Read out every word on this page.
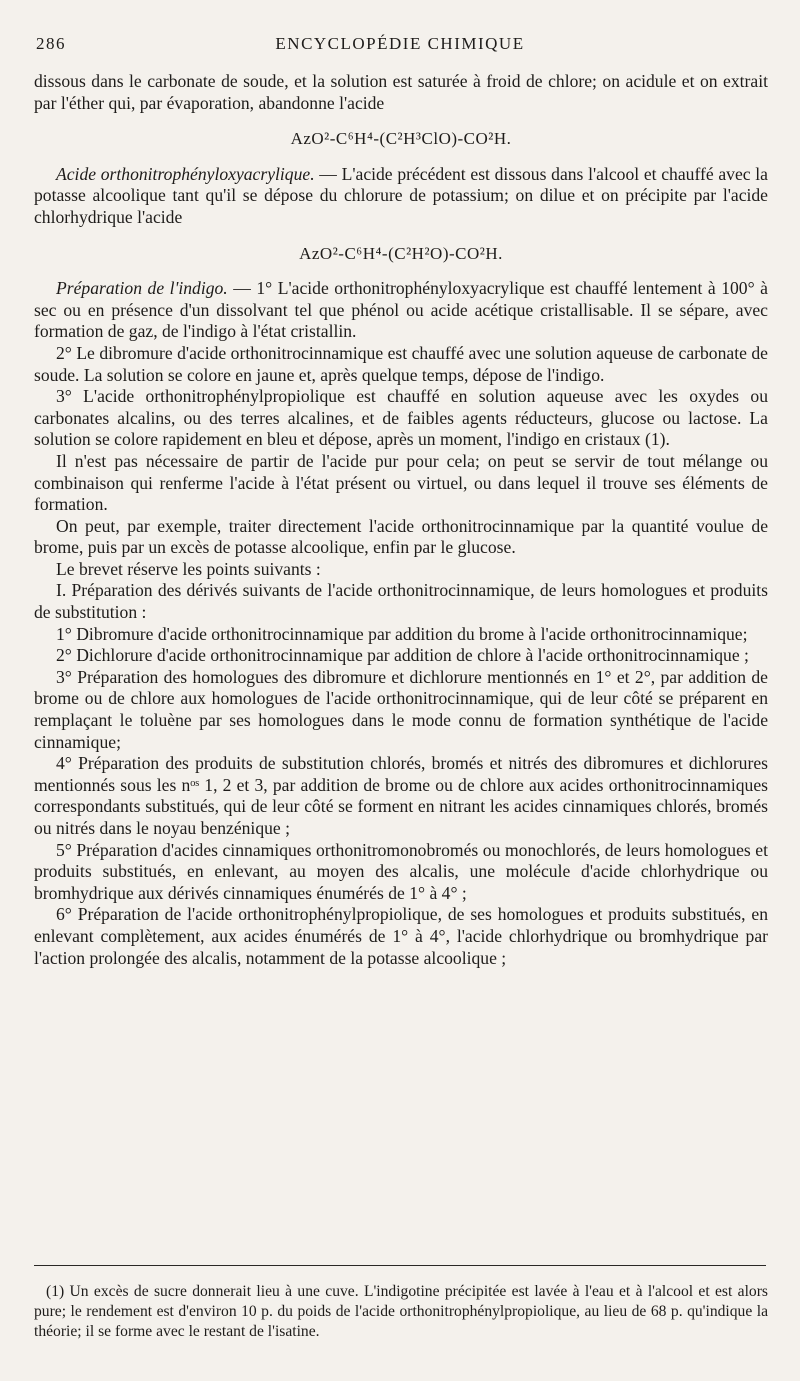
286	ENCYCLOPÉDIE CHIMIQUE

dissous dans le carbonate de soude, et la solution est saturée à froid de chlore; on acidule et on extrait par l'éther qui, par évaporation, abandonne l'acide

AzO²-C⁶H⁴-(C²H³ClO)-CO²H.

Acide orthonitrophényloxyacrylique. — L'acide précédent est dissous dans l'alcool et chauffé avec la potasse alcoolique tant qu'il se dépose du chlorure de potassium; on dilue et on précipite par l'acide chlorhydrique l'acide

AzO²-C⁶H⁴-(C²H²O)-CO²H.

Préparation de l'indigo. — 1° L'acide orthonitrophényloxyacrylique est chauffé lentement à 100° à sec ou en présence d'un dissolvant tel que phénol ou acide acétique cristallisable. Il se sépare, avec formation de gaz, de l'indigo à l'état cristallin.

2° Le dibromure d'acide orthonitrocinnamique est chauffé avec une solution aqueuse de carbonate de soude. La solution se colore en jaune et, après quelque temps, dépose de l'indigo.

3° L'acide orthonitrophénylpropiolique est chauffé en solution aqueuse avec les oxydes ou carbonates alcalins, ou des terres alcalines, et de faibles agents réducteurs, glucose ou lactose. La solution se colore rapidement en bleu et dépose, après un moment, l'indigo en cristaux (1).

Il n'est pas nécessaire de partir de l'acide pur pour cela; on peut se servir de tout mélange ou combinaison qui renferme l'acide à l'état présent ou virtuel, ou dans lequel il trouve ses éléments de formation.

On peut, par exemple, traiter directement l'acide orthonitrocinnamique par la quantité voulue de brome, puis par un excès de potasse alcoolique, enfin par le glucose.

Le brevet réserve les points suivants :

I. Préparation des dérivés suivants de l'acide orthonitrocinnamique, de leurs homologues et produits de substitution :

1° Dibromure d'acide orthonitrocinnamique par addition du brome à l'acide orthonitrocinnamique;

2° Dichlorure d'acide orthonitrocinnamique par addition de chlore à l'acide orthonitrocinnamique ;

3° Préparation des homologues des dibromure et dichlorure mentionnés en 1° et 2°, par addition de brome ou de chlore aux homologues de l'acide orthonitrocinnamique, qui de leur côté se préparent en remplaçant le toluène par ses homologues dans le mode connu de formation synthétique de l'acide cinnamique;

4° Préparation des produits de substitution chlorés, bromés et nitrés des dibromures et dichlorures mentionnés sous les nᵒˢ 1, 2 et 3, par addition de brome ou de chlore aux acides orthonitrocinnamiques correspondants substitués, qui de leur côté se forment en nitrant les acides cinnamiques chlorés, bromés ou nitrés dans le noyau benzénique ;

5° Préparation d'acides cinnamiques orthonitromonobromés ou monochlorés, de leurs homologues et produits substitués, en enlevant, au moyen des alcalis, une molécule d'acide chlorhydrique ou bromhydrique aux dérivés cinnamiques énumérés de 1° à 4° ;

6° Préparation de l'acide orthonitrophénylpropiolique, de ses homologues et produits substitués, en enlevant complètement, aux acides énumérés de 1° à 4°, l'acide chlorhydrique ou bromhydrique par l'action prolongée des alcalis, notamment de la potasse alcoolique ;

(1) Un excès de sucre donnerait lieu à une cuve. L'indigotine précipitée est lavée à l'eau et à l'alcool et est alors pure; le rendement est d'environ 10 p. du poids de l'acide orthonitrophénylpropiolique, au lieu de 68 p. qu'indique la théorie; il se forme avec le restant de l'isatine.
